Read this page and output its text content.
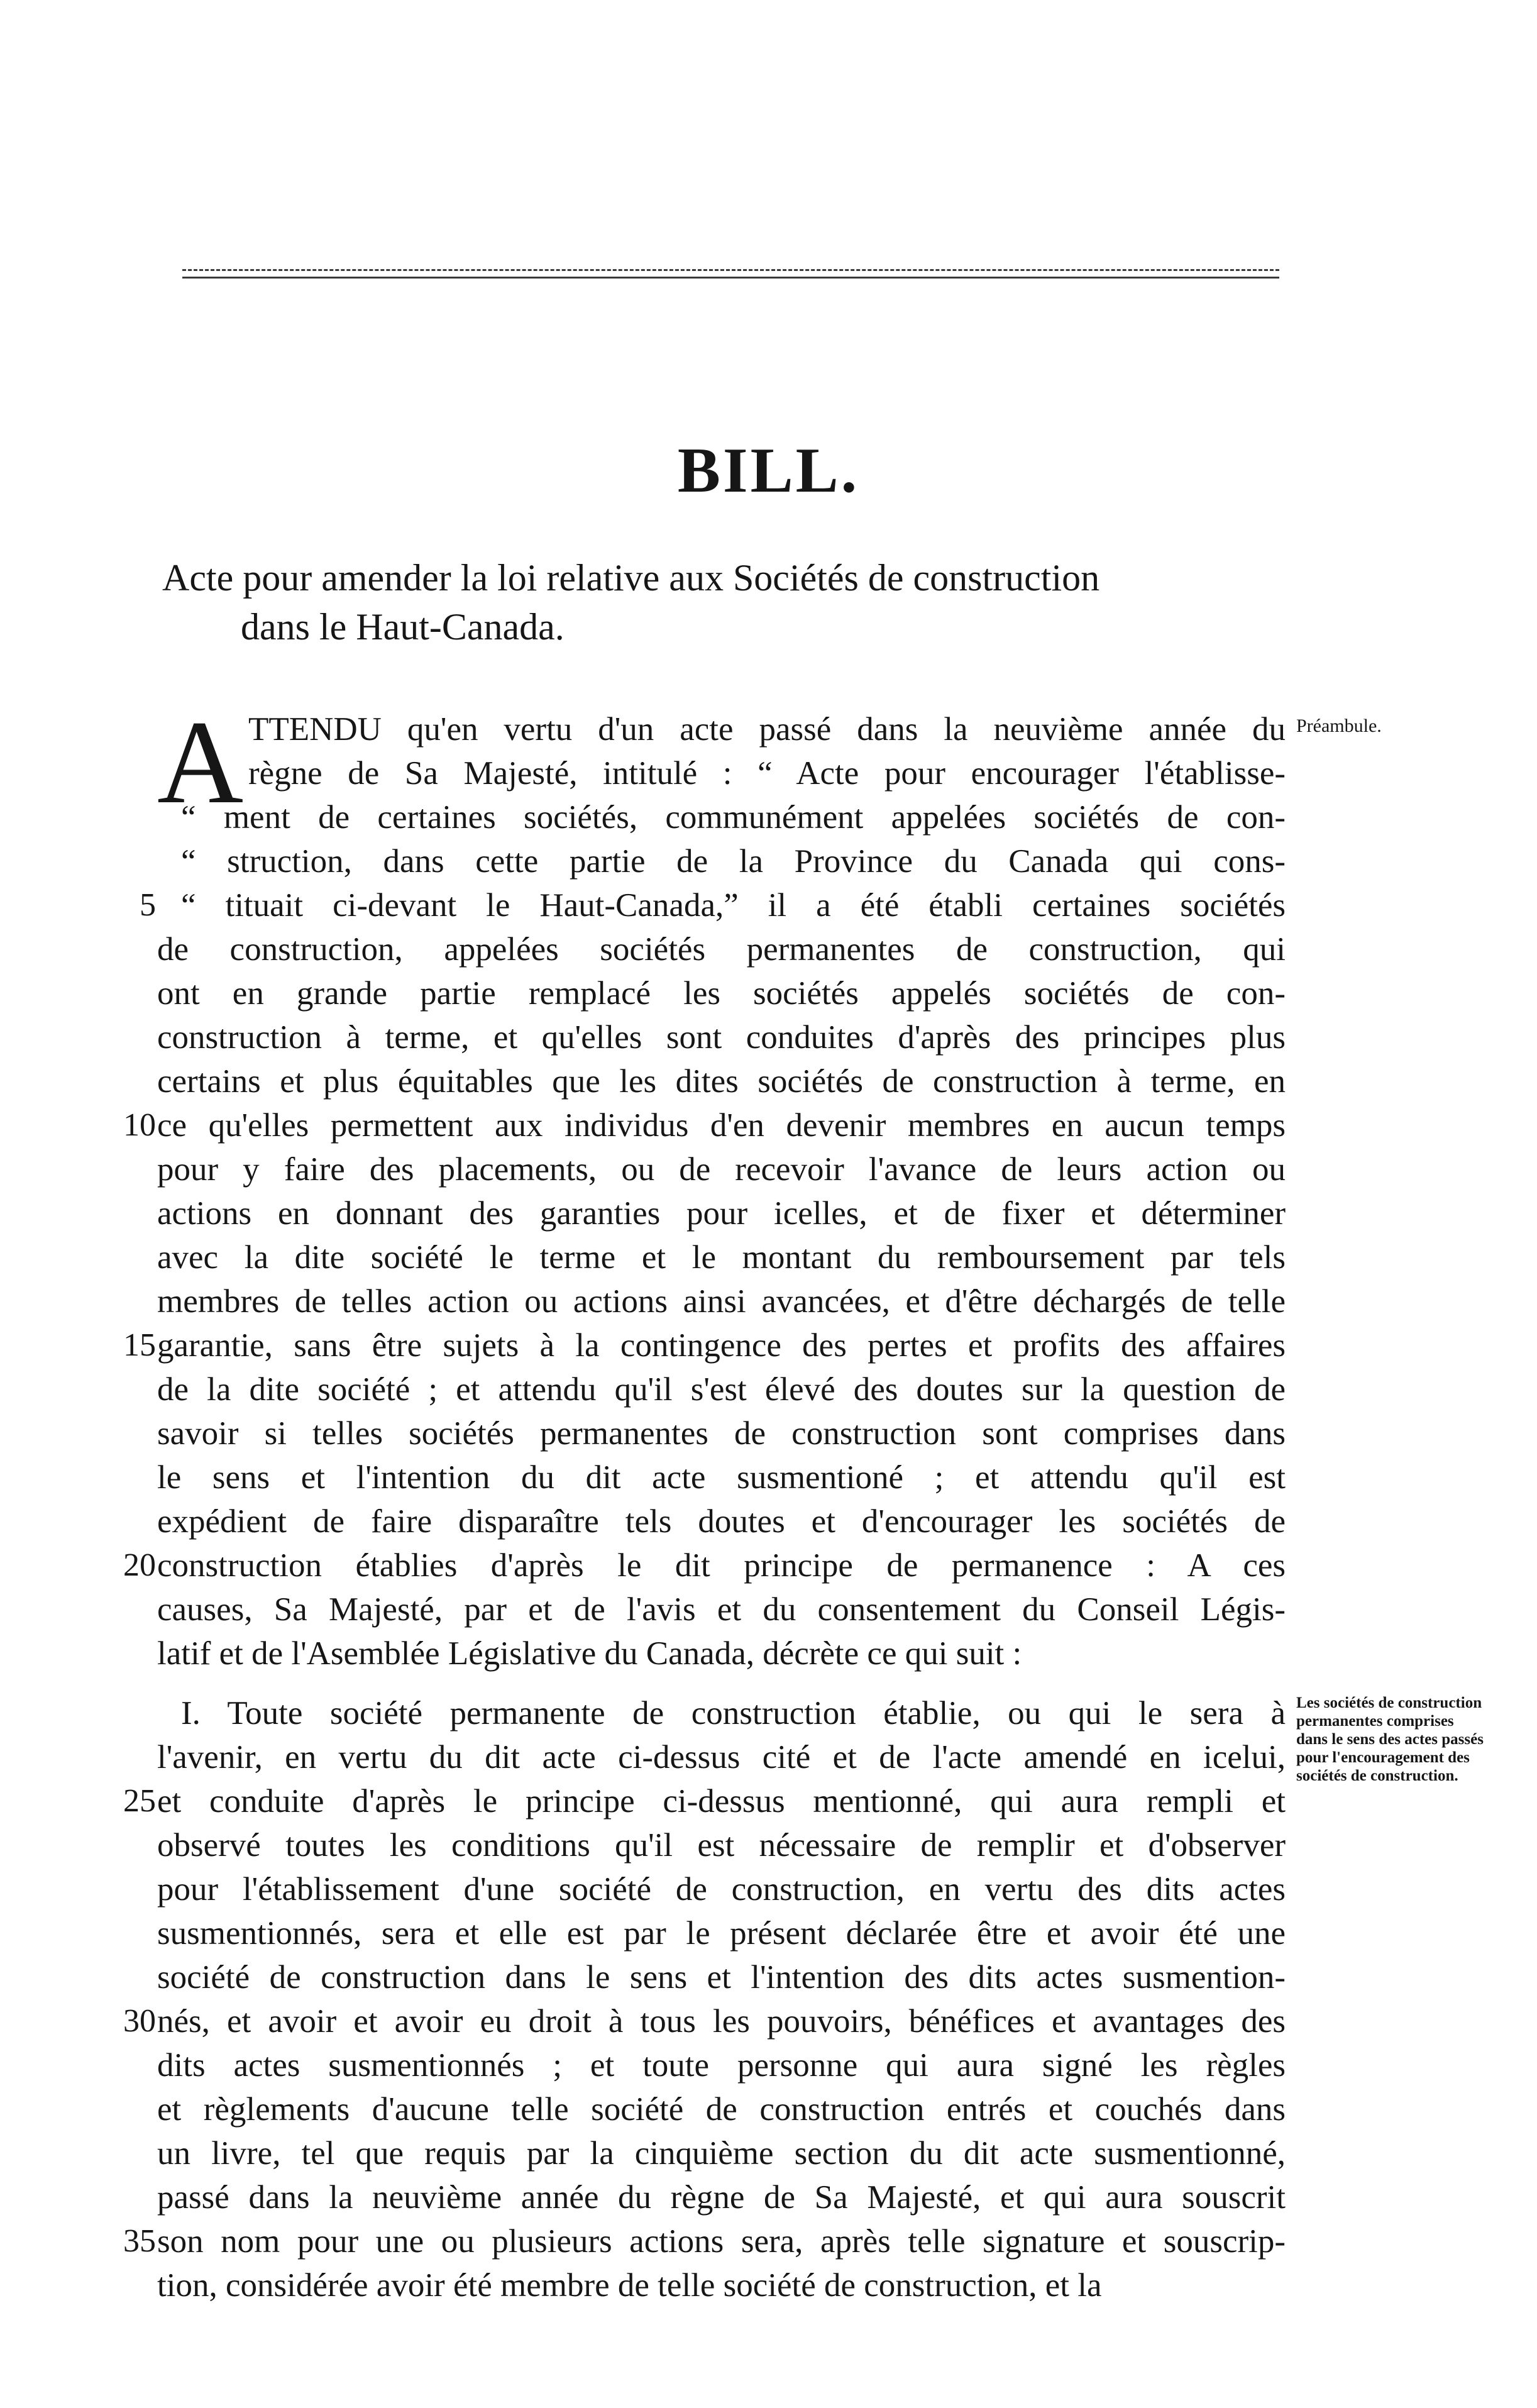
BILL.
Acte pour amender la loi relative aux Sociétés de construction
dans le Haut-Canada.
A	Préambule.
Les sociétés de construction permanentes comprises dans le sens des actes passés pour l'encouragement des sociétés de construction.
TTENDU qu'en vertu d'un acte passé dans la neuvième année du
règne de Sa Majesté, intitulé : “ Acte pour encourager l'établisse-
“ ment de certaines sociétés, communément appelées sociétés de con-
“ struction, dans cette partie de la Province du Canada qui cons-
“ tituait ci-devant le Haut-Canada,” il a été établi certaines sociétés
de construction, appelées sociétés permanentes de construction, qui
ont en grande partie remplacé les sociétés appelés sociétés de con-
construction à terme, et qu'elles sont conduites d'après des principes plus
certains et plus équitables que les dites sociétés de construction à terme, en
ce qu'elles permettent aux individus d'en devenir membres en aucun temps
pour y faire des placements, ou de recevoir l'avance de leurs action ou
actions en donnant des garanties pour icelles, et de fixer et déterminer
avec la dite société le terme et le montant du remboursement par tels
membres de telles action ou actions ainsi avancées, et d'être déchargés de telle
garantie, sans être sujets à la contingence des pertes et profits des affaires
de la dite société ; et attendu qu'il s'est élevé des doutes sur la question de
savoir si telles sociétés permanentes de construction sont comprises dans
le sens et l'intention du dit acte susmentioné ; et attendu qu'il est
expédient de faire disparaître tels doutes et d'encourager les sociétés de
construction établies d'après le dit principe de permanence : A ces
causes, Sa Majesté, par et de l'avis et du consentement du Conseil Légis-
latif et de l'Asemblée Législative du Canada, décrète ce qui suit :
I. Toute société permanente de construction établie, ou qui le sera à
l'avenir, en vertu du dit acte ci-dessus cité et de l'acte amendé en icelui,
et conduite d'après le principe ci-dessus mentionné, qui aura rempli et
observé toutes les conditions qu'il est nécessaire de remplir et d'observer
pour l'établissement d'une société de construction, en vertu des dits actes
susmentionnés, sera et elle est par le présent déclarée être et avoir été une
société de construction dans le sens et l'intention des dits actes susmention-
nés, et avoir et avoir eu droit à tous les pouvoirs, bénéfices et avantages des
dits actes susmentionnés ; et toute personne qui aura signé les règles
et règlements d'aucune telle société de construction entrés et couchés dans
un livre, tel que requis par la cinquième section du dit acte susmentionné,
passé dans la neuvième année du règne de Sa Majesté, et qui aura souscrit
son nom pour une ou plusieurs actions sera, après telle signature et souscrip-
tion, considérée avoir été membre de telle société de construction, et la
5
10
15
20
25
30
35
